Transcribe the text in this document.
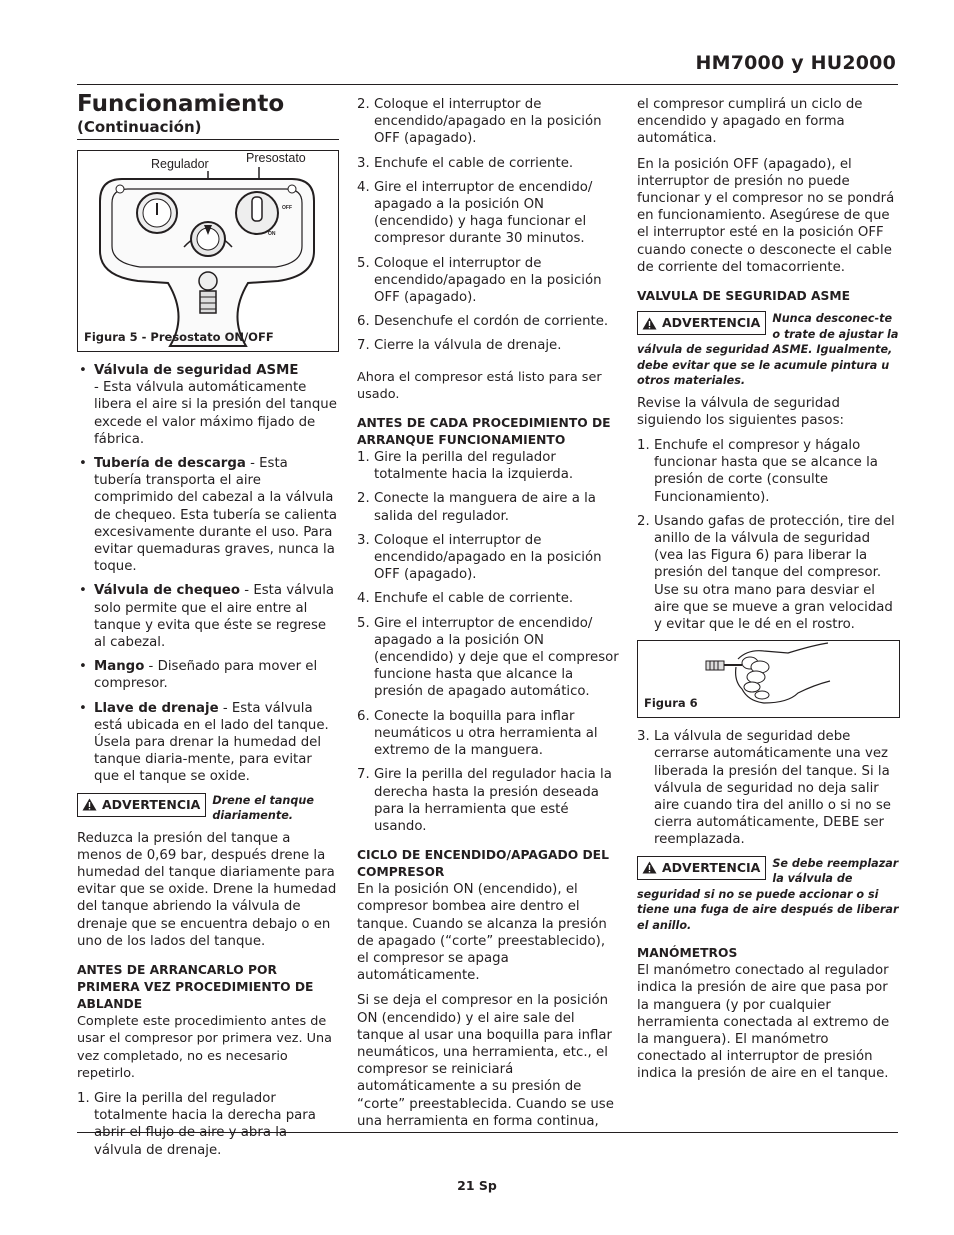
HM7000 y HU2000
Funcionamiento
(Continuación)
Regulador	Presostato
OFF
ON
Figura 5 - Presostato ON/OFF
• Válvula de seguridad ASME
- Esta válvula automáticamente libera el aire si la presión del tanque excede el valor máximo fijado de fábrica.
• Tubería de descarga - Esta tubería transporta el aire comprimido del cabezal a la válvula de chequeo. Esta tubería se calienta excesivamente durante el uso. Para evitar quemaduras graves, nunca la toque.
• Válvula de chequeo - Esta válvula solo permite que el aire entre al tanque y evita que éste se regrese al cabezal.
• Mango - Diseñado para mover el compresor.
• Llave de drenaje - Esta válvula está ubicada en el lado del tanque. Úsela para drenar la humedad del tanque diaria-mente, para evitar que el tanque se oxide.
ADVERTENCIA Drene el tanque diariamente.

Reduzca la presión del tanque a menos de 0,69 bar, después drene la humedad del tanque diariamente para evitar que se oxide. Drene la humedad del tanque abriendo la válvula de drenaje que se encuentra debajo o en uno de los lados del tanque.

ANTES DE ARRANCARLO POR PRIMERA VEZ PROCEDIMIENTO DE ABLANDE

Complete este procedimiento antes de usar el compresor por primera vez. Una vez completado, no es necesario repetirlo.

1. Gire la perilla del regulador totalmente hacia la derecha para abrir el flujo de aire y abra la válvula de drenaje.
2. Coloque el interruptor de encendido/apagado en la posición OFF (apagado).
3. Enchufe el cable de corriente.
4. Gire el interruptor de encendido/ apagado a la posición ON (encendido) y haga funcionar el compresor durante 30 minutos.
5. Coloque el interruptor de encendido/apagado en la posición OFF (apagado).
6. Desenchufe el cordón de corriente.
7. Cierre la válvula de drenaje.

Ahora el compresor está listo para ser usado.

ANTES DE CADA PROCEDIMIENTO DE ARRANQUE FUNCIONAMIENTO
1. Gire la perilla del regulador totalmente hacia la izquierda.
2. Conecte la manguera de aire a la salida del regulador.
3. Coloque el interruptor de encendido/apagado en la posición OFF (apagado).
4. Enchufe el cable de corriente.
5. Gire el interruptor de encendido/ apagado a la posición ON (encendido) y deje que el compresor funcione hasta que alcance la presión de apagado automático.
6. Conecte la boquilla para inflar neumáticos u otra herramienta al extremo de la manguera.
7. Gire la perilla del regulador hacia la derecha hasta la presión deseada para la herramienta que esté usando.
CICLO DE ENCENDIDO/APAGADO DEL COMPRESOR

En la posición ON (encendido), el compresor bombea aire dentro el tanque. Cuando se alcanza la presión de apagado (“corte” preestablecido), el compresor se apaga automáticamente.

Si se deja el compresor en la posición ON (encendido) y el aire sale del tanque al usar una boquilla para inflar neumáticos, una herramienta, etc., el compresor se reiniciará automáticamente a su presión de “corte” preestablecida. Cuando se use una herramienta en forma continua,

el compresor cumplirá un ciclo de encendido y apagado en forma automática.

En la posición OFF (apagado), el interruptor de presión no puede funcionar y el compresor no se pondrá en funcionamiento. Asegúrese de que el interruptor esté en la posición OFF cuando conecte o desconecte el cable de corriente del tomacorriente.

VALVULA DE SEGURIDAD ASME
ADVERTENCIA Nunca desconec-te o trate de ajustar la válvula de seguridad ASME. Igualmente, debe evitar que se le acumule pintura u otros materiales.

Revise la válvula de seguridad siguiendo los siguientes pasos:

1. Enchufe el compresor y hágalo funcionar hasta que se alcance la presión de corte (consulte Funcionamiento).
2. Usando gafas de protección, tire del anillo de la válvula de seguridad (vea las Figura 6) para liberar la presión del tanque del compresor. Use su otra mano para desviar el aire que se mueve a gran velocidad y evitar que le dé en el rostro.
Figura 6
3. La válvula de seguridad debe cerrarse automáticamente una vez liberada la presión del tanque. Si la válvula de seguridad no deja salir aire cuando tira del anillo o si no se cierra automáticamente, DEBE ser reemplazada.
ADVERTENCIA Se debe reemplazar la válvula de seguridad si no se puede accionar o si tiene una fuga de aire después de liberar el anillo.
MANÓMETROS

El manómetro conectado al regulador indica la presión de aire que pasa por la manguera (y por cualquier herramienta conectada al extremo de la manguera). El manómetro conectado al interruptor de presión indica la presión de aire en el tanque.

21 Sp
